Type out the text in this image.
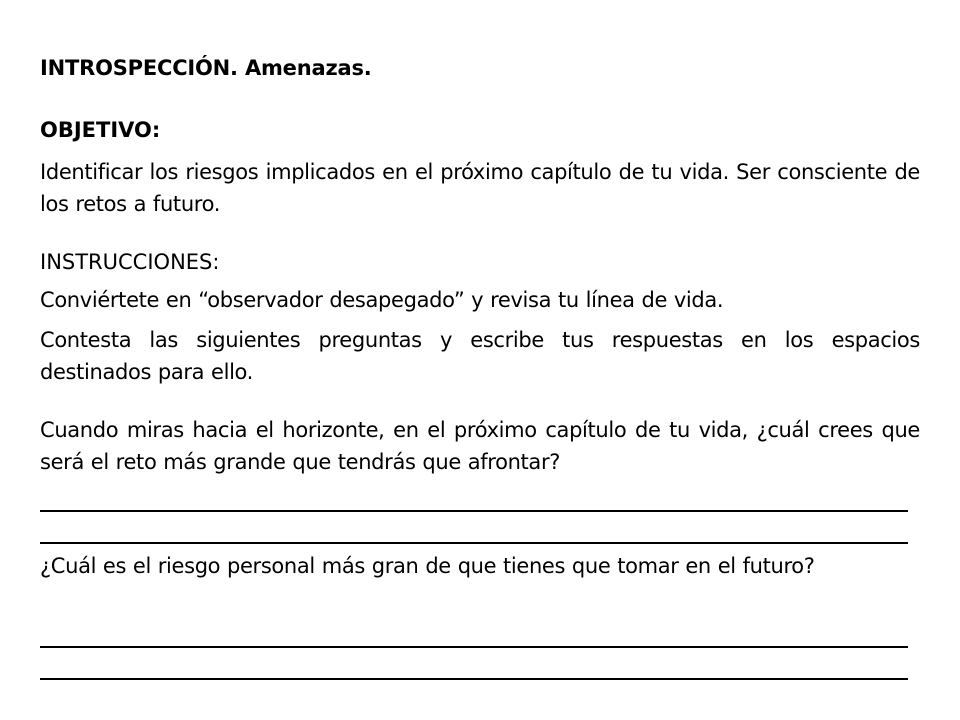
INTROSPECCIÓN. Amenazas.
OBJETIVO:
Identificar los riesgos implicados en el próximo capítulo de tu vida. Ser consciente de los retos a futuro.
INSTRUCCIONES:
Conviértete en “observador desapegado” y revisa tu línea de vida.
Contesta las siguientes preguntas y escribe tus respuestas en los espacios destinados para ello.
Cuando miras hacia el horizonte, en el próximo capítulo de tu vida, ¿cuál crees que será el reto más grande que tendrás que afrontar?
¿Cuál es el riesgo personal más gran de que tienes que tomar en el futuro?
